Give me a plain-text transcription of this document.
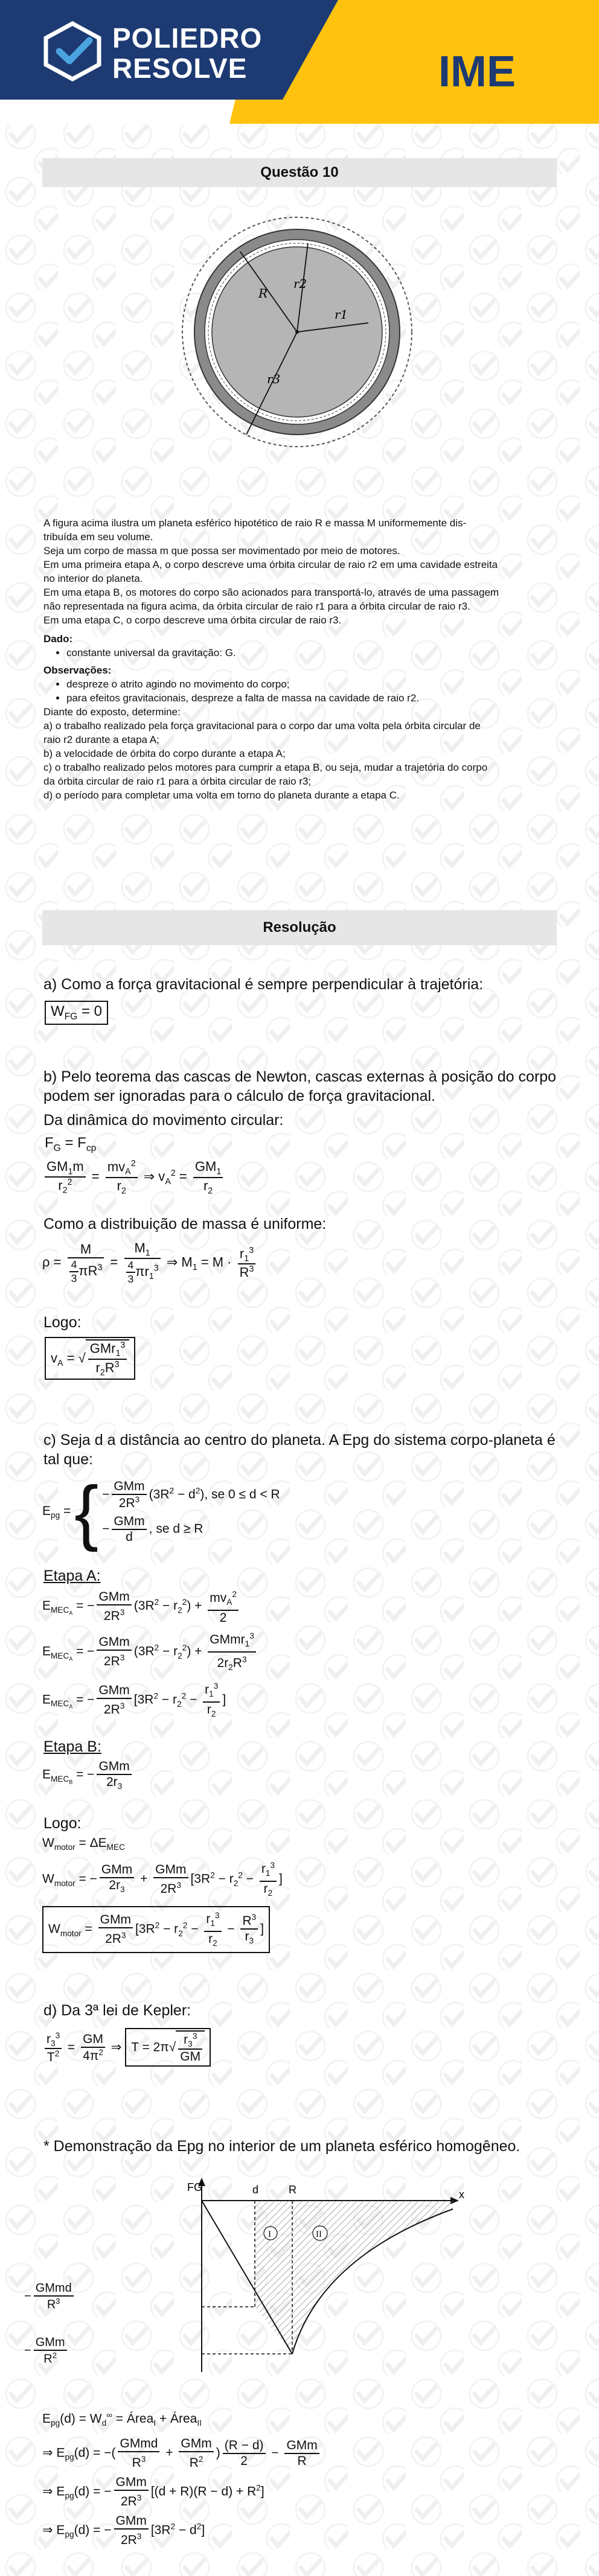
POLIEDRO
RESOLVE	IME
Questão 10
R
r2
r1
r3

A figura acima ilustra um planeta esférico hipotético de raio R e massa M uniformemente dis-

tribuída em seu volume.

Seja um corpo de massa m que possa ser movimentado por meio de motores.

Em uma primeira etapa A, o corpo descreve uma órbita circular de raio r2 em uma cavidade estreita

no interior do planeta.

Em uma etapa B, os motores do corpo são acionados para transportá-lo, através de uma passagem

não representada na figura acima, da órbita circular de raio r1 para a órbita circular de raio r3.

Em uma etapa C, o corpo descreve uma órbita circular de raio r3.

Dado:

• constante universal da gravitação: G.

Observações:

• despreze o atrito agindo no movimento do corpo;
• para efeitos gravitacionais, despreze a falta de massa na cavidade de raio r2.

Diante do exposto, determine:

a) o trabalho realizado pela força gravitacional para o corpo dar uma volta pela órbita circular de

raio r2 durante a etapa A;

b) a velocidade de órbita do corpo durante a etapa A;

c) o trabalho realizado pelos motores para cumprir a etapa B, ou seja, mudar a trajetória do corpo

da órbita circular de raio r1 para a órbita circular de raio r3;

d) o período para completar uma volta em torno do planeta durante a etapa C.

Resolução
a) Como a força gravitacional é sempre perpendicular à trajetória:
$W_{FG} = 0$
b) Pelo teorema das cascas de Newton, cascas externas à posição do corpo
podem ser ignoradas para o cálculo de força gravitacional.
Da dinâmica do movimento circular:
$F_G = F_{cp}$
$\frac{GM_1m}{r_2^2} = \frac{mv_A^2}{r_2}$ ⇒ $v_A^2 = \frac{GM_1}{r_2}$
Como a distribuição de massa é uniforme:
$\rho = \frac{M}{\frac{4}{3} \pi R^3} = \frac{M_1}{\frac{4}{3} \pi r_1^3}$ ⇒ $M_1 = M \cdot \frac{r_1^3}{R^3}$
Logo:
$v_A$ = √ $\frac{GMr_1^3}{r_2R^3}$
c) Seja d a distância ao centro do planeta. A Epg do sistema corpo-planeta é
tal que:
$E_{pg}$ = { − $\frac{\text{GMm}}{2R^3} (3R^2 - d^2)$, se 0 ≤ d < R
− $\frac{\text{GMm}}{d}$ , se d ≥ R
Etapa A:
$E_{MEC_A}$ = − $\frac{\text{GMm}}{2R^3} (3R^2 - r_2^2) + \frac{mv_A^2}{2}$
$E_{MEC_A}$ = − $\frac{\text{GMm}}{2R^3} (3R^2 - r_2^2) + \frac{GMmr_1^3}{2r_2R^3}$
$E_{MEC_A}$ = − $\frac{\text{GMm}}{2R^3} [3R^2 - r_2^2 - \frac{r_1^3}{r_2}$ ]
Etapa B:
$E_{MEC_B}$ = − $\frac{\text{GMm}}{2r_3}$
Logo:
$W_{motor} = \Delta E_{MEC}$
$W_{motor}$ = − $\frac{\text{GMm}}{2r_3} + \frac{\text{GMm}}{2R^3} [3R^2 - r_2^2 - \frac{r_1^3}{r_2}$ ]
$W_{motor} = \frac{\text{GMm}}{2R^3} [3R^2 - r_2^2 - \frac{r_1^3}{r_2} - \frac{R^3}{r_3}$ ]
d) Da 3ª lei de Kepler:
$\frac{r_3^3}{T^2} = \frac{GM}{4\pi^2}$ ⇒ $T = 2\pi√ \frac{r_3^3}{GM}$
* Demonstração da Epg no interior de um planeta esférico homogêneo.
FG
x
d	R
I	II
− $\frac{\text{GMmd}}{R^3}$
− $\frac{\text{GMm}}{R^2}$
$E_{pg}(d) = W_d^\infty$ = Área$_I$ + Área$_{II}$
⇒ $E_{pg}(d)$ = −( $\frac{\text{GMmd}}{R^3} + \frac{\text{GMm}}{R^2}$ ) $\frac{(R - d)}{2} - \frac{\text{GMm}}{R}$
⇒ $E_{pg}(d)$ = − $\frac{\text{GMm}}{2R^3} [(d + R)(R - d) + R^2]$
⇒ $E_{pg}(d)$ = − $\frac{\text{GMm}}{2R^3} [3R^2 - d^2]$
